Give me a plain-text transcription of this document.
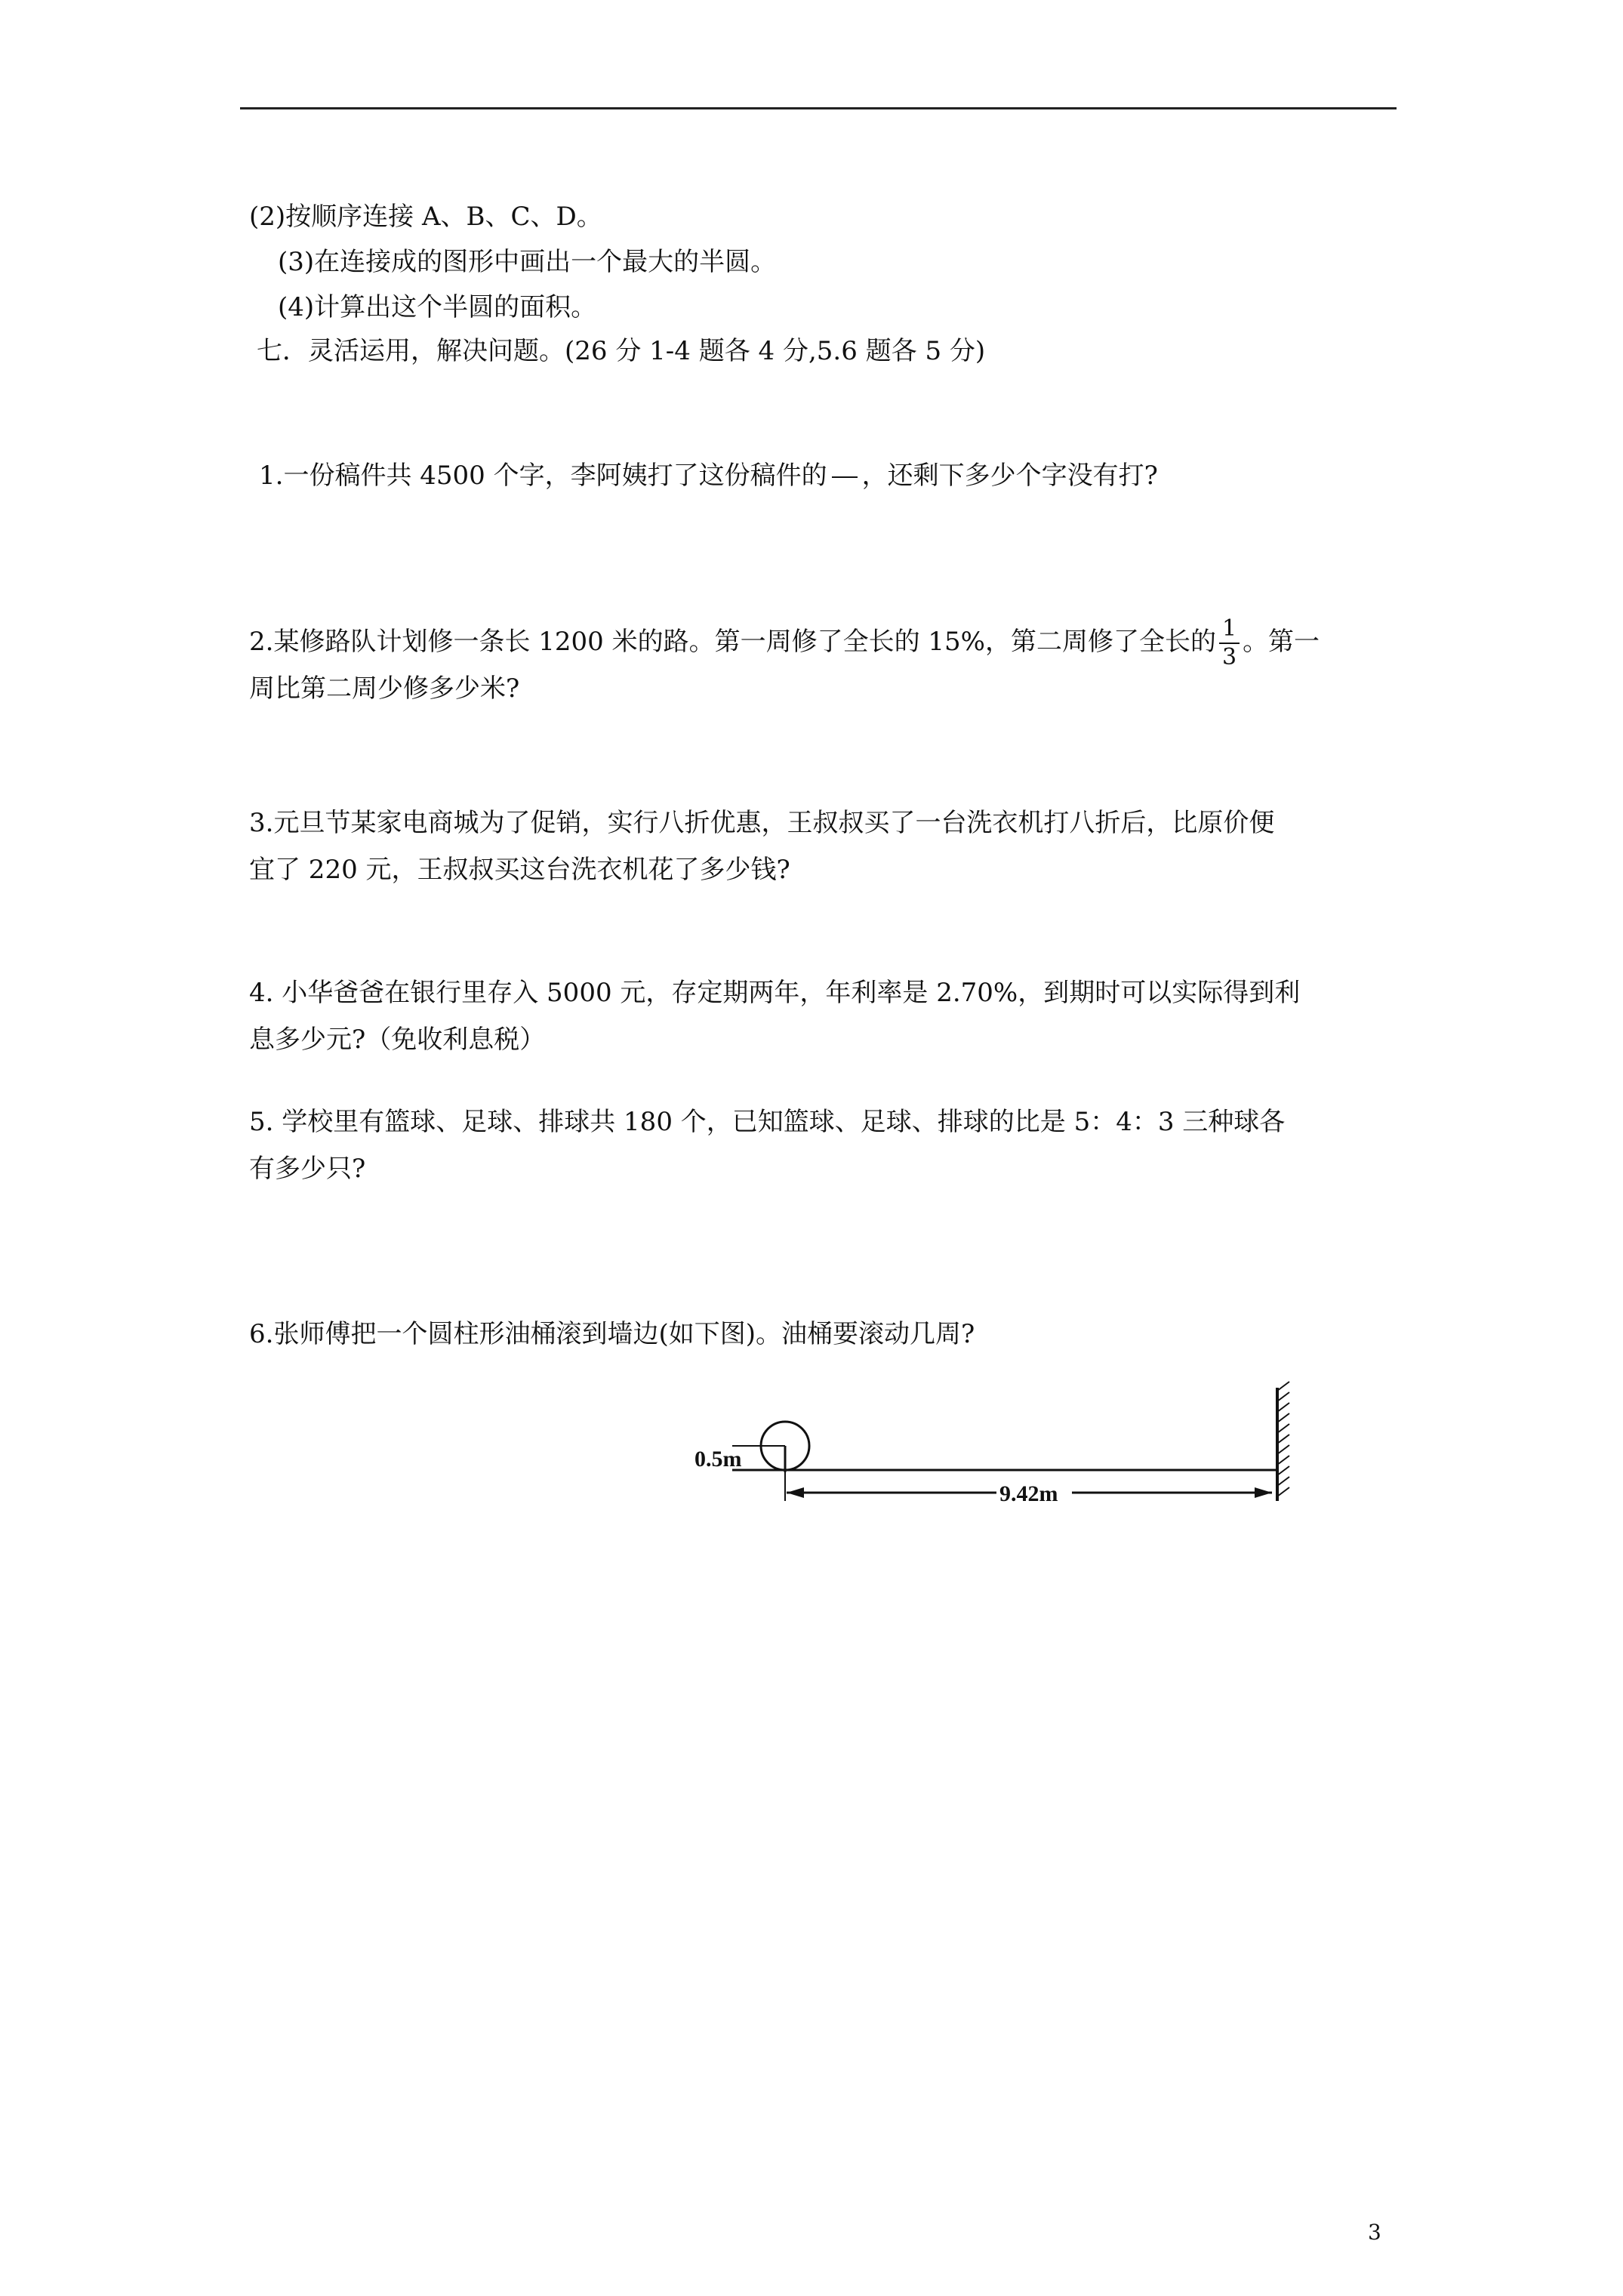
(2)按顺序连接 A、B、C、D。
(3)在连接成的图形中画出一个最大的半圆。
(4)计算出这个半圆的面积。
七．灵活运用，解决问题。(26 分 1-4 题各 4 分,5.6 题各 5 分)
1.一份稿件共 4500 个字，李阿姨打了这份稿件的 ，还剩下多少个字没有打?
2.某修路队计划修一条长 1200 米的路。第一周修了全长的 15%，第二周修了全长的 $\frac{1}{3}$ 。第一
周比第二周少修多少米?
3.元旦节某家电商城为了促销，实行八折优惠，王叔叔买了一台洗衣机打八折后，比原价便
宜了 220 元，王叔叔买这台洗衣机花了多少钱?
4. 小华爸爸在银行里存入 5000 元，存定期两年，年利率是 2.70%，到期时可以实际得到利
息多少元?（免收利息税）
5. 学校里有篮球、足球、排球共 180 个，已知篮球、足球、排球的比是 5：4：3 三种球各
有多少只?
6.张师傅把一个圆柱形油桶滚到墙边(如下图)。油桶要滚动几周?
0.5m
9.42m
3
